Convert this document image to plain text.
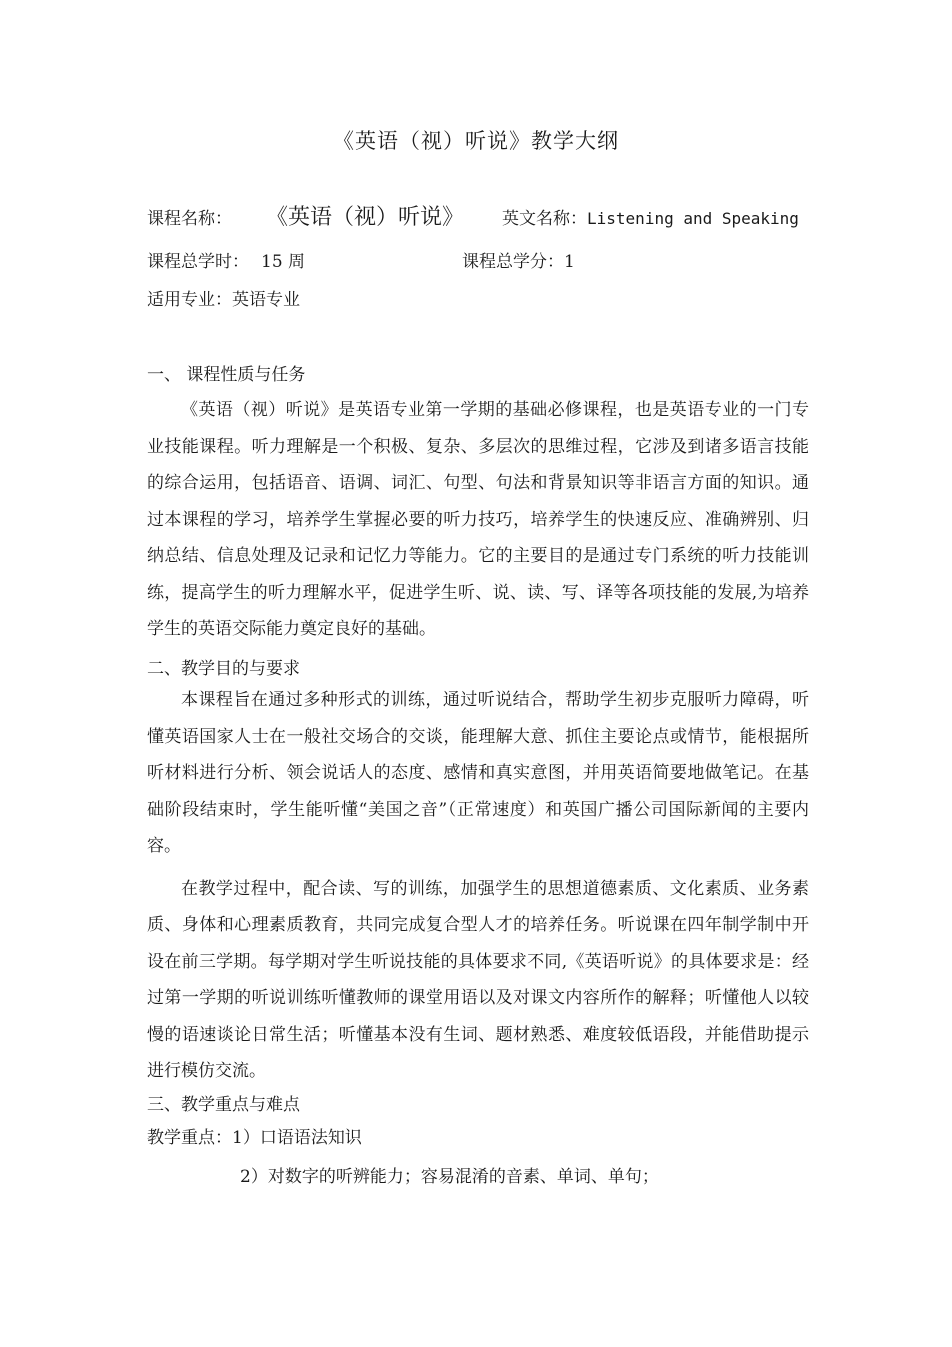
《英语（视）听说》教学大纲
课程名称： 《英语（视）听说》 英文名称：Listening and Speaking
课程总学时： 15 周	课程总学分：1
适用专业：英语专业
一、 课程性质与任务

《英语（视）听说》是英语专业第一学期的基础必修课程，也是英语专业的一门专业技能课程。听力理解是一个积极、复杂、多层次的思维过程，它涉及到诸多语言技能的综合运用，包括语音、语调、词汇、句型、句法和背景知识等非语言方面的知识。通过本课程的学习，培养学生掌握必要的听力技巧，培养学生的快速反应、准确辨别、归纳总结、信息处理及记录和记忆力等能力。它的主要目的是通过专门系统的听力技能训练，提高学生的听力理解水平，促进学生听、说、读、写、译等各项技能的发展,为培养学生的英语交际能力奠定良好的基础。

二、教学目的与要求

本课程旨在通过多种形式的训练，通过听说结合，帮助学生初步克服听力障碍，听懂英语国家人士在一般社交场合的交谈，能理解大意、抓住主要论点或情节，能根据所听材料进行分析、领会说话人的态度、感情和真实意图，并用英语简要地做笔记。在基础阶段结束时，学生能听懂“美国之音”（正常速度）和英国广播公司国际新闻的主要内容。

在教学过程中，配合读、写的训练，加强学生的思想道德素质、文化素质、业务素质、身体和心理素质教育，共同完成复合型人才的培养任务。听说课在四年制学制中开设在前三学期。每学期对学生听说技能的具体要求不同,《英语听说》的具体要求是：经过第一学期的听说训练听懂教师的课堂用语以及对课文内容所作的解释；听懂他人以较慢的语速谈论日常生活；听懂基本没有生词、题材熟悉、难度较低语段，并能借助提示进行模仿交流。

三、教学重点与难点
教学重点：1）口语语法知识
2）对数字的听辨能力；容易混淆的音素、单词、单句；
